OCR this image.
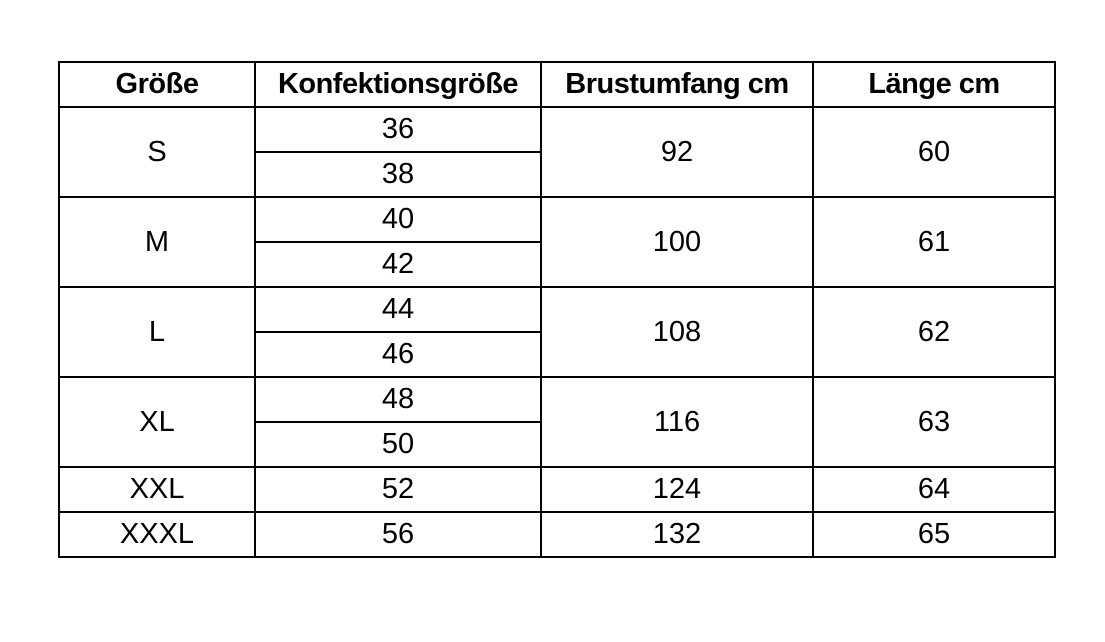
Größe	Konfektionsgröße	Brustumfang cm	Länge cm
S	36	92	60
	38		
M	40	100	61
	42		
L	44	108	62
	46		
XL	48	116	63
	50		
XXL	52	124	64
XXXL	56	132	65
